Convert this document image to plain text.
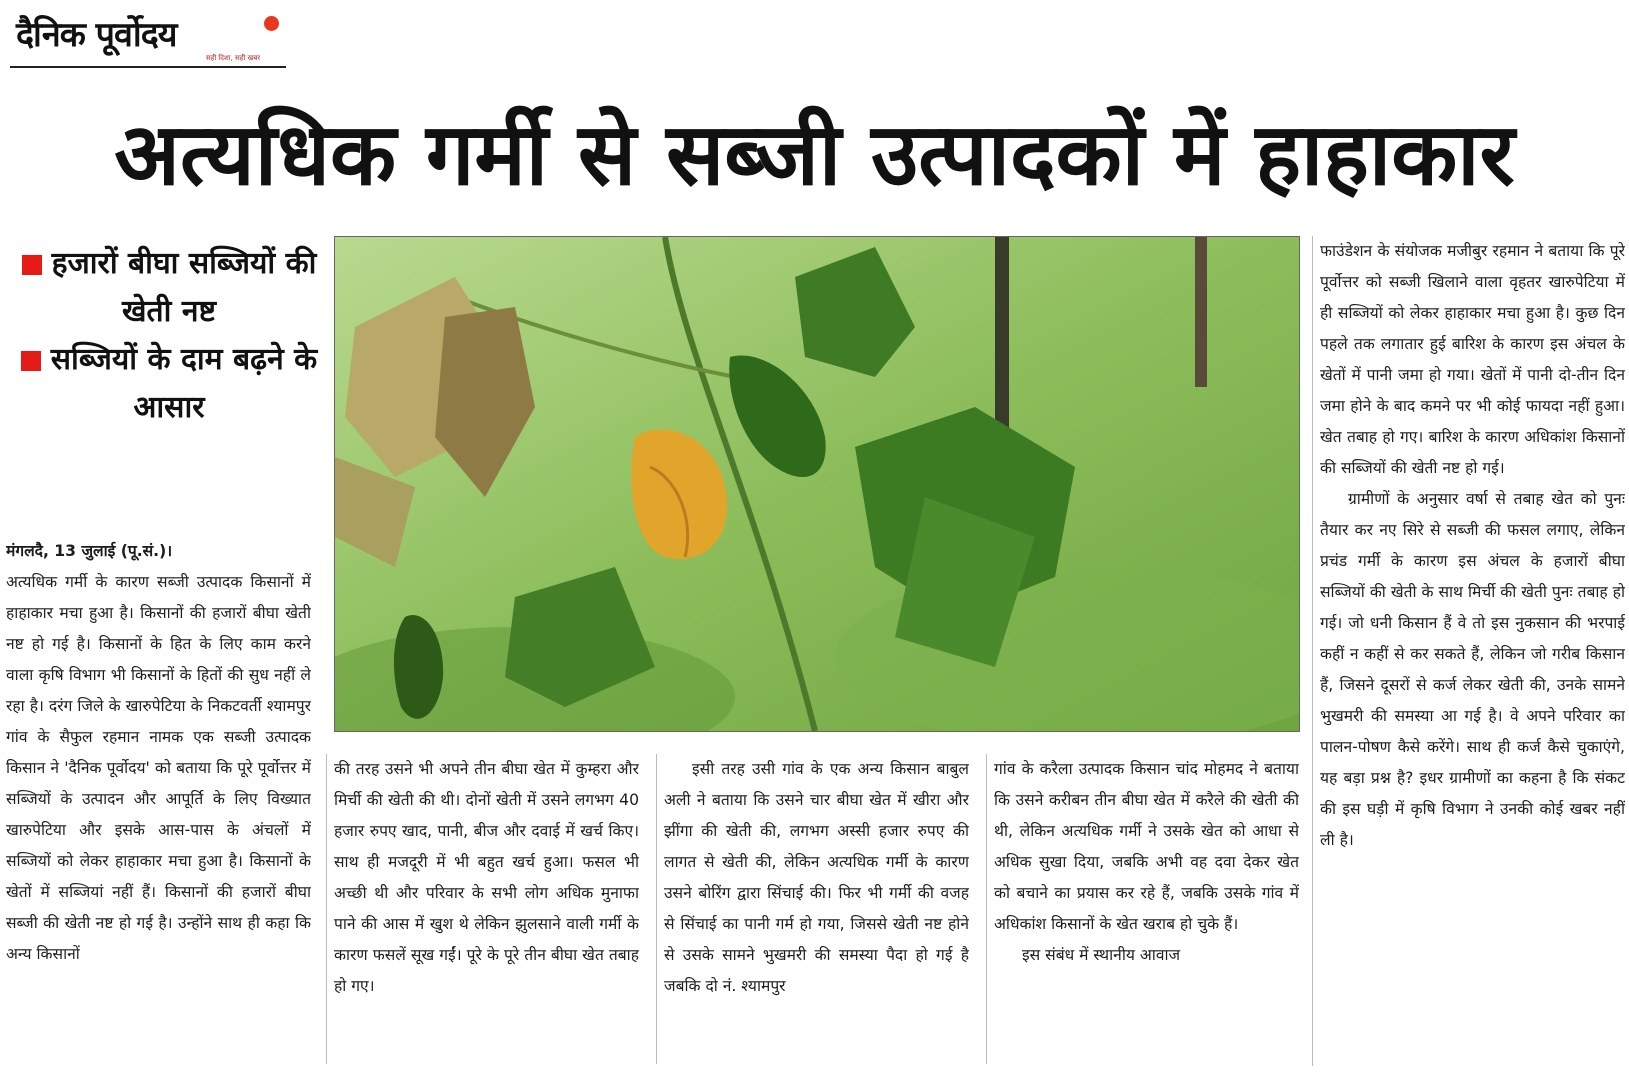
दैनिक पूर्वोदय
सही दिशा, सही खबर
अत्यधिक गर्मी से सब्जी उत्पादकों में हाहाकार
हजारों बीघा सब्जियों की खेती नष्ट
सब्जियों के दाम बढ़ने के आसार

मंगलदै, 13 जुलाई (पू.सं.)।

अत्यधिक गर्मी के कारण सब्जी उत्पादक किसानों में हाहाकार मचा हुआ है। किसानों की हजारों बीघा खेती नष्ट हो गई है। किसानों के हित के लिए काम करने वाला कृषि विभाग भी किसानों के हितों की सुध नहीं ले रहा है। दरंग जिले के खारुपेटिया के निकटवर्ती श्यामपुर गांव के सैफुल रहमान नामक एक सब्जी उत्पादक किसान ने 'दैनिक पूर्वोदय' को बताया कि पूरे पूर्वोत्तर में सब्जियों के उत्पादन और आपूर्ति के लिए विख्यात खारुपेटिया और इसके आस-पास के अंचलों में सब्जियों को लेकर हाहाकार मचा हुआ है। किसानों के खेतों में सब्जियां नहीं हैं। किसानों की हजारों बीघा सब्जी की खेती नष्ट हो गई है। उन्होंने साथ ही कहा कि अन्य किसानों

की तरह उसने भी अपने तीन बीघा खेत में कुम्हरा और मिर्ची की खेती की थी। दोनों खेती में उसने लगभग 40 हजार रुपए खाद, पानी, बीज और दवाई में खर्च किए। साथ ही मजदूरी में भी बहुत खर्च हुआ। फसल भी अच्छी थी और परिवार के सभी लोग अधिक मुनाफा पाने की आस में खुश थे लेकिन झुलसाने वाली गर्मी के कारण फसलें सूख गईं। पूरे के पूरे तीन बीघा खेत तबाह हो गए।

इसी तरह उसी गांव के एक अन्य किसान बाबुल अली ने बताया कि उसने चार बीघा खेत में खीरा और झींगा की खेती की, लगभग अस्सी हजार रुपए की लागत से खेती की, लेकिन अत्यधिक गर्मी के कारण उसने बोरिंग द्वारा सिंचाई की। फिर भी गर्मी की वजह से सिंचाई का पानी गर्म हो गया, जिससे खेती नष्ट होने से उसके सामने भुखमरी की समस्या पैदा हो गई है जबकि दो नं. श्यामपुर

गांव के करैला उत्पादक किसान चांद मोहमद ने बताया कि उसने करीबन तीन बीघा खेत में करैले की खेती की थी, लेकिन अत्यधिक गर्मी ने उसके खेत को आधा से अधिक सुखा दिया, जबकि अभी वह दवा देकर खेत को बचाने का प्रयास कर रहे हैं, जबकि उसके गांव में अधिकांश किसानों के खेत खराब हो चुके हैं।

इस संबंध में स्थानीय आवाज

फाउंडेशन के संयोजक मजीबुर रहमान ने बताया कि पूरे पूर्वोत्तर को सब्जी खिलाने वाला वृहतर खारुपेटिया में ही सब्जियों को लेकर हाहाकार मचा हुआ है। कुछ दिन पहले तक लगातार हुई बारिश के कारण इस अंचल के खेतों में पानी जमा हो गया। खेतों में पानी दो-तीन दिन जमा होने के बाद कमने पर भी कोई फायदा नहीं हुआ। खेत तबाह हो गए। बारिश के कारण अधिकांश किसानों की सब्जियों की खेती नष्ट हो गई।

ग्रामीणों के अनुसार वर्षा से तबाह खेत को पुनः तैयार कर नए सिरे से सब्जी की फसल लगाए, लेकिन प्रचंड गर्मी के कारण इस अंचल के हजारों बीघा सब्जियों की खेती के साथ मिर्ची की खेती पुनः तबाह हो गई। जो धनी किसान हैं वे तो इस नुकसान की भरपाई कहीं न कहीं से कर सकते हैं, लेकिन जो गरीब किसान हैं, जिसने दूसरों से कर्ज लेकर खेती की, उनके सामने भुखमरी की समस्या आ गई है। वे अपने परिवार का पालन-पोषण कैसे करेंगे। साथ ही कर्ज कैसे चुकाएंगे, यह बड़ा प्रश्न है? इधर ग्रामीणों का कहना है कि संकट की इस घड़ी में कृषि विभाग ने उनकी कोई खबर नहीं ली है।
